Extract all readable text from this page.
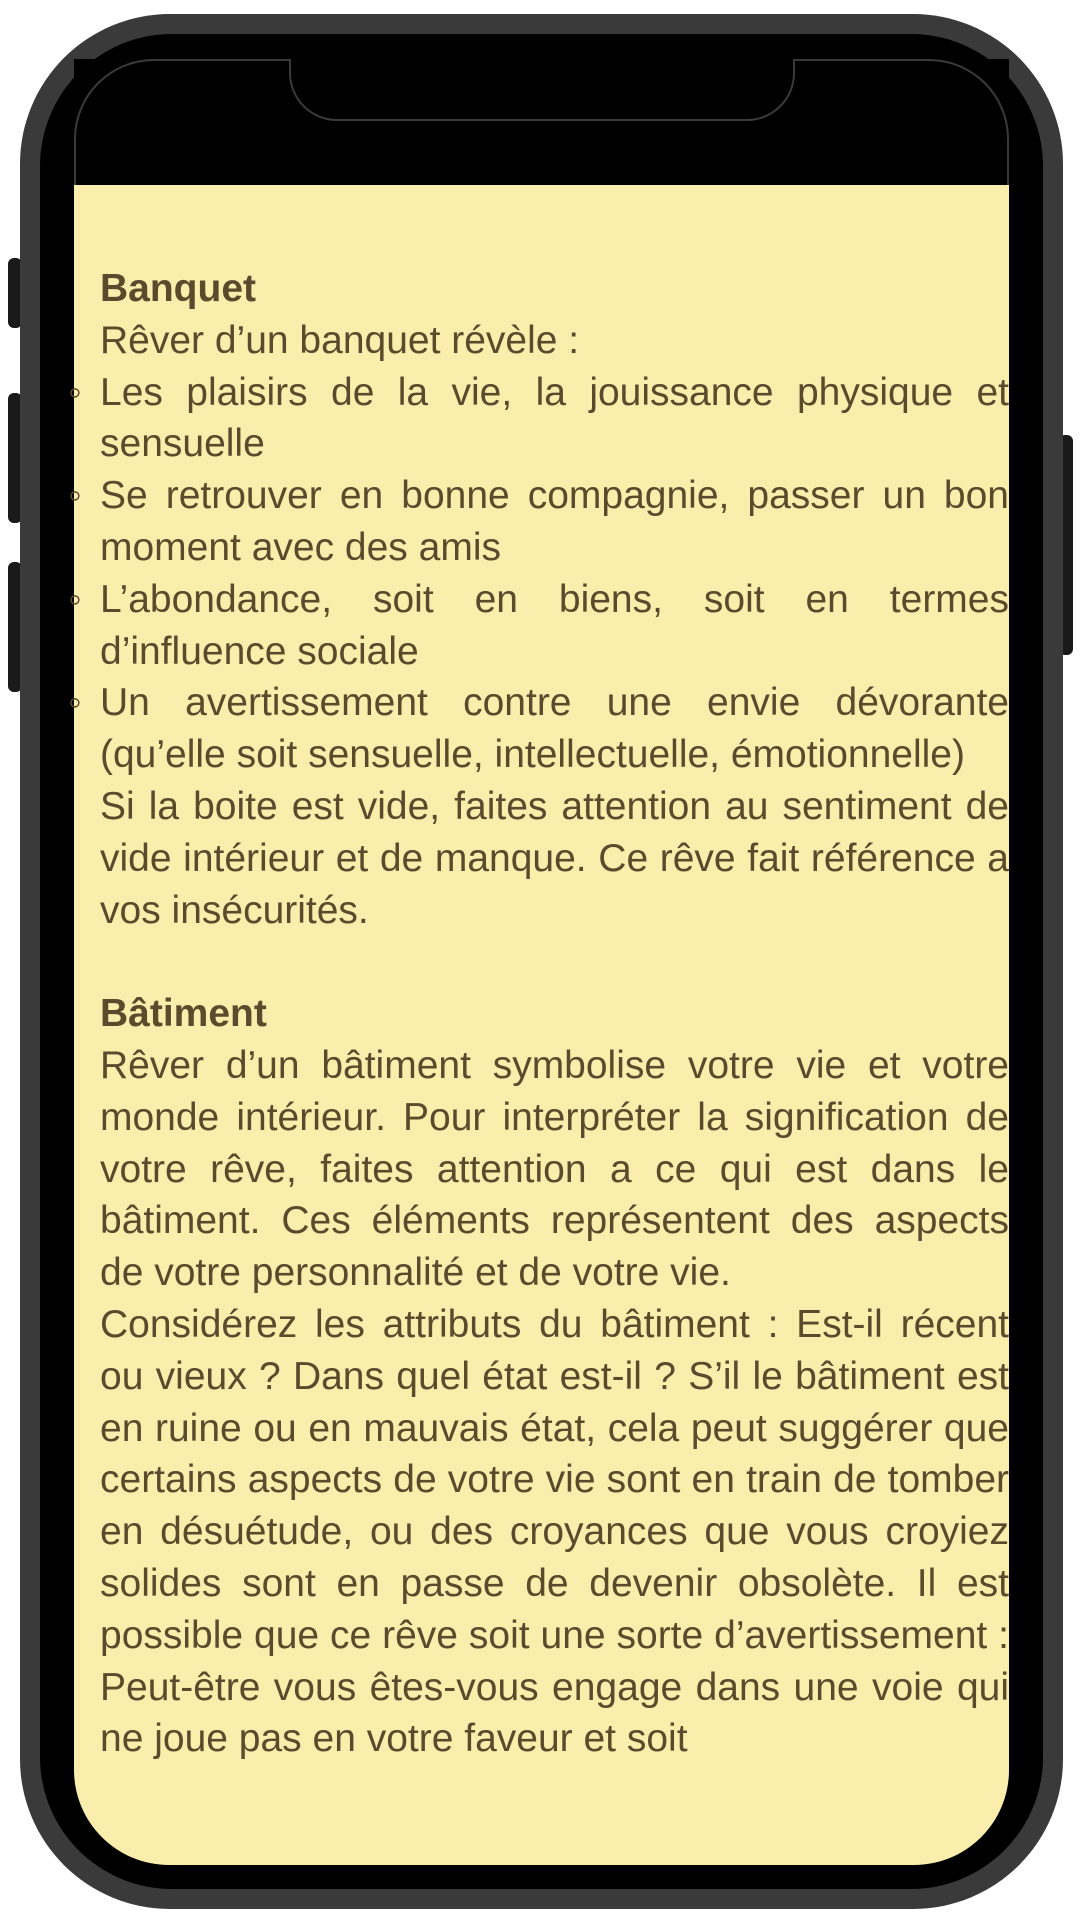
Banquet

Rêver d’un banquet révèle :

◦ Les plaisirs de la vie, la jouissance physique et sensuelle

◦ Se retrouver en bonne compagnie, passer un bon moment avec des amis

◦ L’abondance, soit en biens, soit en termes d’influence sociale

◦ Un avertissement contre une envie dévorante (qu’elle soit sensuelle, intellectuelle, émotionnelle)

Si la boite est vide, faites attention au sentiment de vide intérieur et de manque. Ce rêve fait référence a vos insécurités.

Bâtiment

Rêver d’un bâtiment symbolise votre vie et votre monde intérieur. Pour interpréter la signification de votre rêve, faites attention a ce qui est dans le bâtiment. Ces éléments représentent des aspects de votre personnalité et de votre vie.

Considérez les attributs du bâtiment : Est-il récent ou vieux ? Dans quel état est-il ? S’il le bâtiment est en ruine ou en mauvais état, cela peut suggérer que certains aspects de votre vie sont en train de tomber en désuétude, ou des croyances que vous croyiez solides sont en passe de devenir obsolète. Il est possible que ce rêve soit une sorte d’avertissement : Peut-être vous êtes-vous engage dans une voie qui ne joue pas en votre faveur et soit
